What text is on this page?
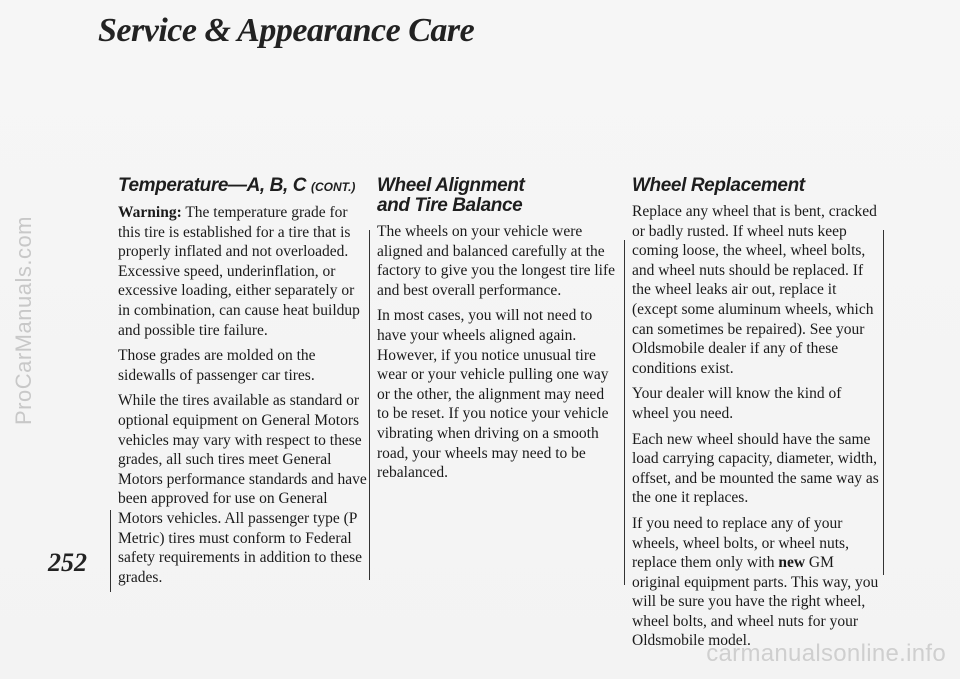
ProCarManuals.com
carmanualsonline.info
Service & Appearance Care
252
Temperature—A, B, C (CONT.)

Warning: The temperature grade for this tire is established for a tire that is properly inflated and not overloaded. Excessive speed, underinflation, or excessive loading, either separately or in combination, can cause heat buildup and possible tire failure.

Those grades are molded on the sidewalls of passenger car tires.

While the tires available as standard or optional equipment on General Motors vehicles may vary with respect to these grades, all such tires meet General Motors performance standards and have been approved for use on General Motors vehicles. All passenger type (P Metric) tires must conform to Federal safety requirements in addition to these grades.

Wheel Alignment and Tire Balance

The wheels on your vehicle were aligned and balanced carefully at the factory to give you the longest tire life and best overall performance.

In most cases, you will not need to have your wheels aligned again. However, if you notice unusual tire wear or your vehicle pulling one way or the other, the alignment may need to be reset. If you notice your vehicle vibrating when driving on a smooth road, your wheels may need to be rebalanced.

Wheel Replacement

Replace any wheel that is bent, cracked or badly rusted. If wheel nuts keep coming loose, the wheel, wheel bolts, and wheel nuts should be replaced. If the wheel leaks air out, replace it (except some aluminum wheels, which can sometimes be repaired). See your Oldsmobile dealer if any of these conditions exist.

Your dealer will know the kind of wheel you need.

Each new wheel should have the same load carrying capacity, diameter, width, offset, and be mounted the same way as the one it replaces.

If you need to replace any of your wheels, wheel bolts, or wheel nuts, replace them only with new GM original equipment parts. This way, you will be sure you have the right wheel, wheel bolts, and wheel nuts for your Oldsmobile model.
